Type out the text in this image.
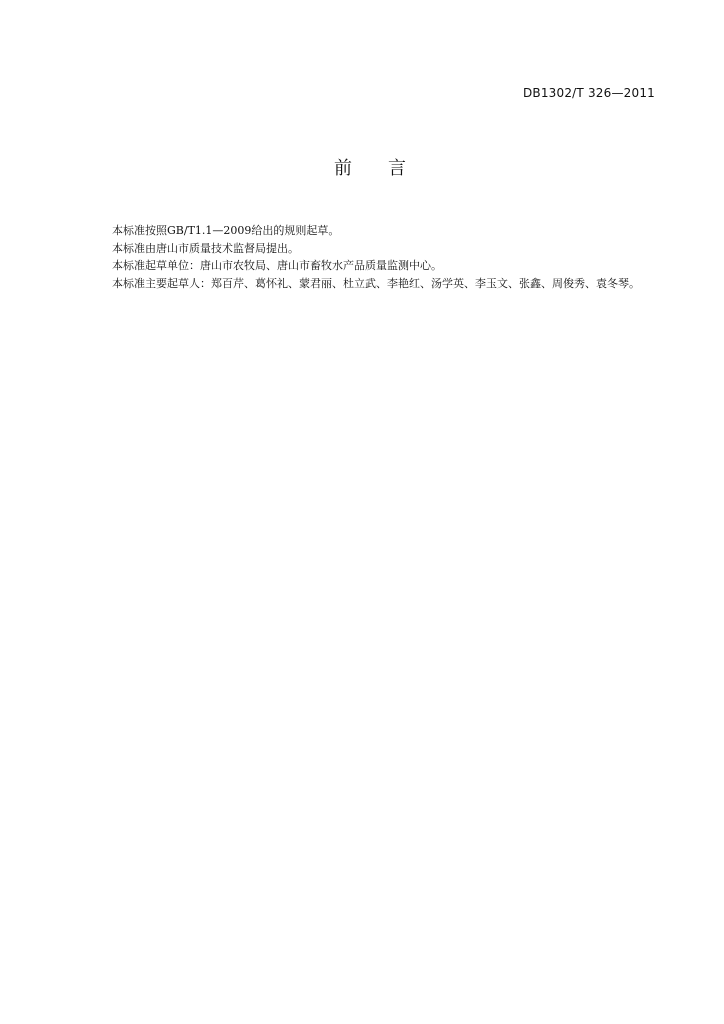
DB1302/T 326—2011
前　　言

本标准按照GB/T1.1—2009给出的规则起草。

本标准由唐山市质量技术监督局提出。

本标准起草单位：唐山市农牧局、唐山市畜牧水产品质量监测中心。

本标准主要起草人：郑百芹、葛怀礼、蒙君丽、杜立武、李艳红、汤学英、李玉文、张鑫、周俊秀、袁冬琴。
